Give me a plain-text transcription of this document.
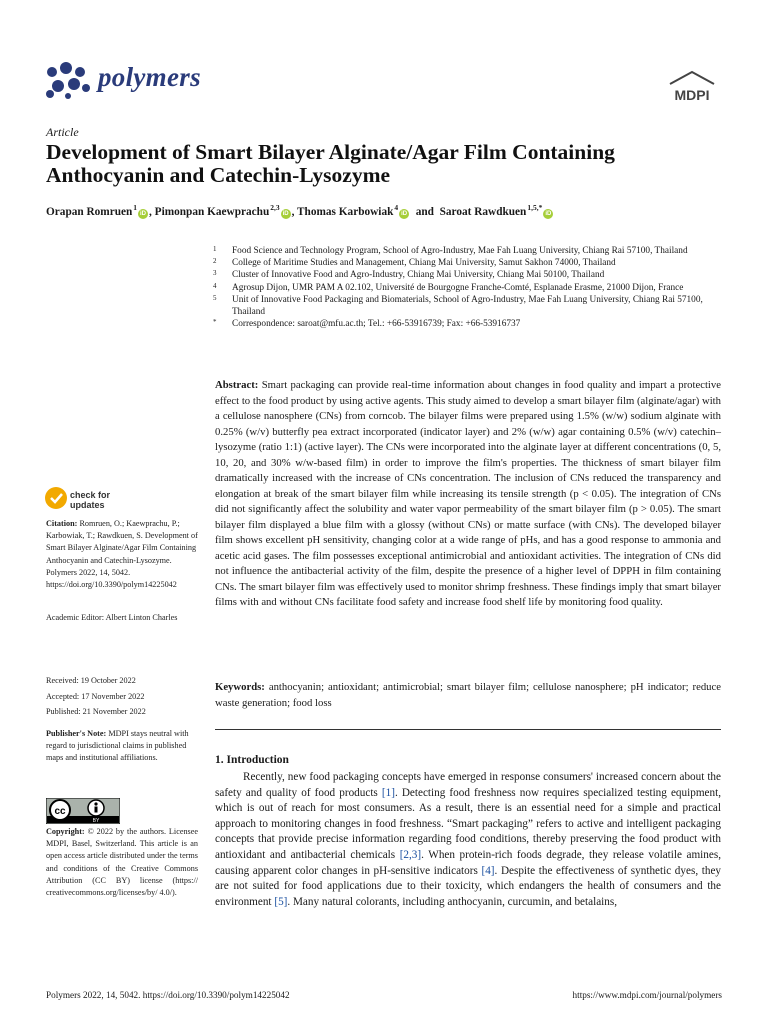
polymers
MDPI
Article
Development of Smart Bilayer Alginate/Agar Film Containing Anthocyanin and Catechin-Lysozyme
Orapan Romruen $^1$iD , Pimonpan Kaewprachu $^{2,3}$iD , Thomas Karbowiak $^4$iD  and  Saroat Rawdkuen $^{1,5,*}$iD

1 Food Science and Technology Program, School of Agro-Industry, Mae Fah Luang University, Chiang Rai 57100, Thailand

2 College of Maritime Studies and Management, Chiang Mai University, Samut Sakhon 74000, Thailand

3 Cluster of Innovative Food and Agro-Industry, Chiang Mai University, Chiang Mai 50100, Thailand

4 Agrosup Dijon, UMR PAM A 02.102, Université de Bourgogne Franche-Comté, Esplanade Erasme, 21000 Dijon, France

5 Unit of Innovative Food Packaging and Biomaterials, School of Agro-Industry, Mae Fah Luang University, Chiang Rai 57100, Thailand

* Correspondence: saroat@mfu.ac.th; Tel.: +66-53916739; Fax: +66-53916737

check for updates
Citation: Romruen, O.; Kaewprachu, P.; Karbowiak, T.; Rawdkuen, S. Development of Smart Bilayer Alginate/Agar Film Containing Anthocyanin and Catechin-Lysozyme. Polymers 2022, 14, 5042. https://doi.org/10.3390/polym14225042
Academic Editor: Albert Linton Charles
Received: 19 October 2022
Accepted: 17 November 2022
Published: 21 November 2022
Publisher's Note: MDPI stays neutral with regard to jurisdictional claims in published maps and institutional affiliations.
cc
BY
Copyright: © 2022 by the authors. Licensee MDPI, Basel, Switzerland. This article is an open access article distributed under the terms and conditions of the Creative Commons Attribution (CC BY) license (https:// creativecommons.org/licenses/by/ 4.0/).
Abstract: Smart packaging can provide real-time information about changes in food quality and impart a protective effect to the food product by using active agents. This study aimed to develop a smart bilayer film (alginate/agar) with a cellulose nanosphere (CNs) from corncob. The bilayer films were prepared using 1.5% (w/w) sodium alginate with 0.25% (w/v) butterfly pea extract incorporated (indicator layer) and 2% (w/w) agar containing 0.5% (w/v) catechin–lysozyme (ratio 1:1) (active layer). The CNs were incorporated into the alginate layer at different concentrations (0, 5, 10, 20, and 30% w/w-based film) in order to improve the film's properties. The thickness of smart bilayer film dramatically increased with the increase of CNs concentration. The inclusion of CNs reduced the transparency and elongation at break of the smart bilayer film while increasing its tensile strength (p < 0.05). The integration of CNs did not significantly affect the solubility and water vapor permeability of the smart bilayer film (p > 0.05). The smart bilayer film displayed a blue film with a glossy (without CNs) or matte surface (with CNs). The developed bilayer film shows excellent pH sensitivity, changing color at a wide range of pHs, and has a good response to ammonia and acetic acid gases. The film possesses exceptional antimicrobial and antioxidant activities. The integration of CNs did not influence the antibacterial activity of the film, despite the presence of a higher level of DPPH in film containing CNs. The smart bilayer film was effectively used to monitor shrimp freshness. These findings imply that smart bilayer films with and without CNs facilitate food safety and increase food shelf life by monitoring food quality.
Keywords: anthocyanin; antioxidant; antimicrobial; smart bilayer film; cellulose nanosphere; pH indicator; reduce waste generation; food loss
1. Introduction
Recently, new food packaging concepts have emerged in response consumers' increased concern about the safety and quality of food products [1]. Detecting food freshness now requires specialized testing equipment, which is out of reach for most consumers. As a result, there is an essential need for a simple and practical approach to monitoring changes in food freshness. “Smart packaging” refers to active and intelligent packaging concepts that provide precise information regarding food conditions, thereby preserving the food product with antioxidant and antibacterial chemicals [2,3]. When protein-rich foods degrade, they release volatile amines, causing apparent color changes in pH-sensitive indicators [4]. Despite the effectiveness of synthetic dyes, they are not suited for food applications due to their toxicity, which endangers the health of consumers and the environment [5]. Many natural colorants, including anthocyanin, curcumin, and betalains,
Polymers 2022, 14, 5042. https://doi.org/10.3390/polym14225042	https://www.mdpi.com/journal/polymers
